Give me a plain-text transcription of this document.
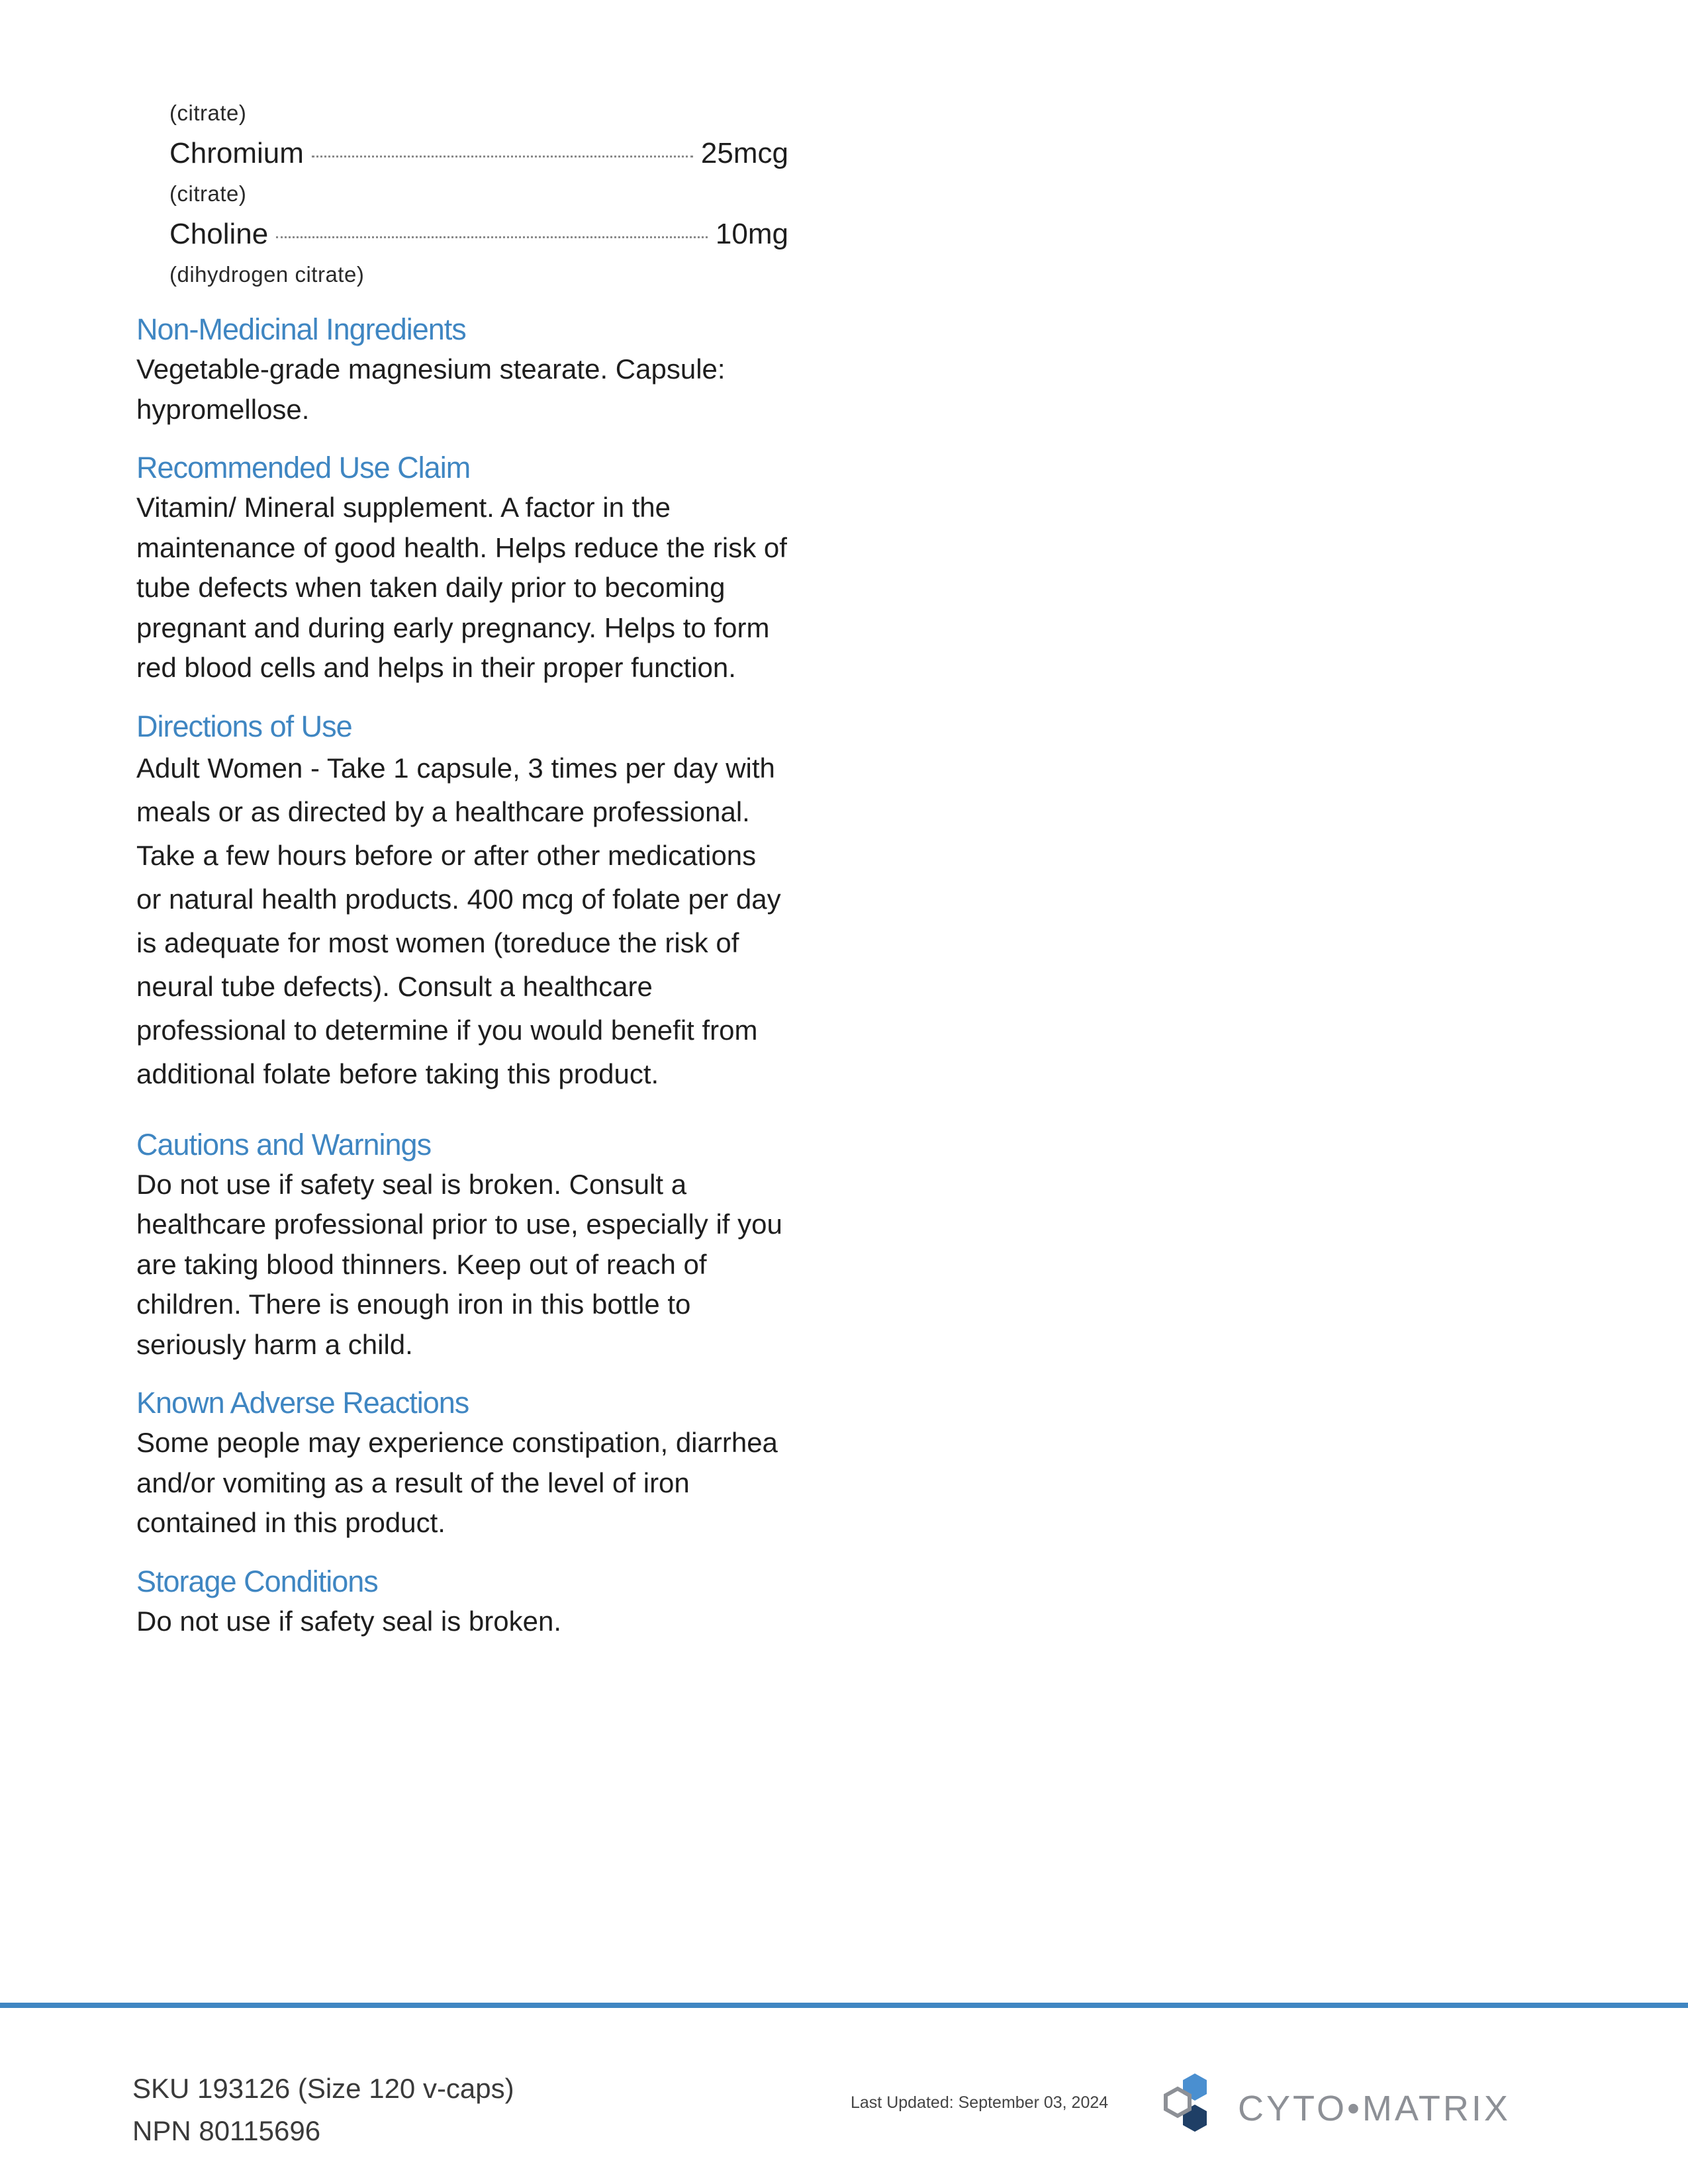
(citrate)
Chromium	25mcg
(citrate)
Choline	10mg
(dihydrogen citrate)
Non-Medicinal Ingredients

Vegetable-grade magnesium stearate. Capsule:
hypromellose.

Recommended Use Claim

Vitamin/ Mineral supplement. A factor in the
maintenance of good health. Helps reduce the risk of
tube defects when taken daily prior to becoming
pregnant and during early pregnancy. Helps to form
red blood cells and helps in their proper function.

Directions of Use

Adult Women - Take 1 capsule, 3 times per day with
meals or as directed by a healthcare professional.
Take a few hours before or after other medications
or natural health products. 400 mcg of folate per day
is adequate for most women (toreduce the risk of
neural tube defects). Consult a healthcare
professional to determine if you would benefit from
additional folate before taking this product.

Cautions and Warnings

Do not use if safety seal is broken. Consult a
healthcare professional prior to use, especially if you
are taking blood thinners. Keep out of reach of
children. There is enough iron in this bottle to
seriously harm a child.

Known Adverse Reactions

Some people may experience constipation, diarrhea
and/or vomiting as a result of the level of iron
contained in this product.

Storage Conditions

Do not use if safety seal is broken.

SKU 193126 (Size 120 v-caps)
NPN 80115696
Last Updated: September 03, 2024	CYTO•MATRIX
